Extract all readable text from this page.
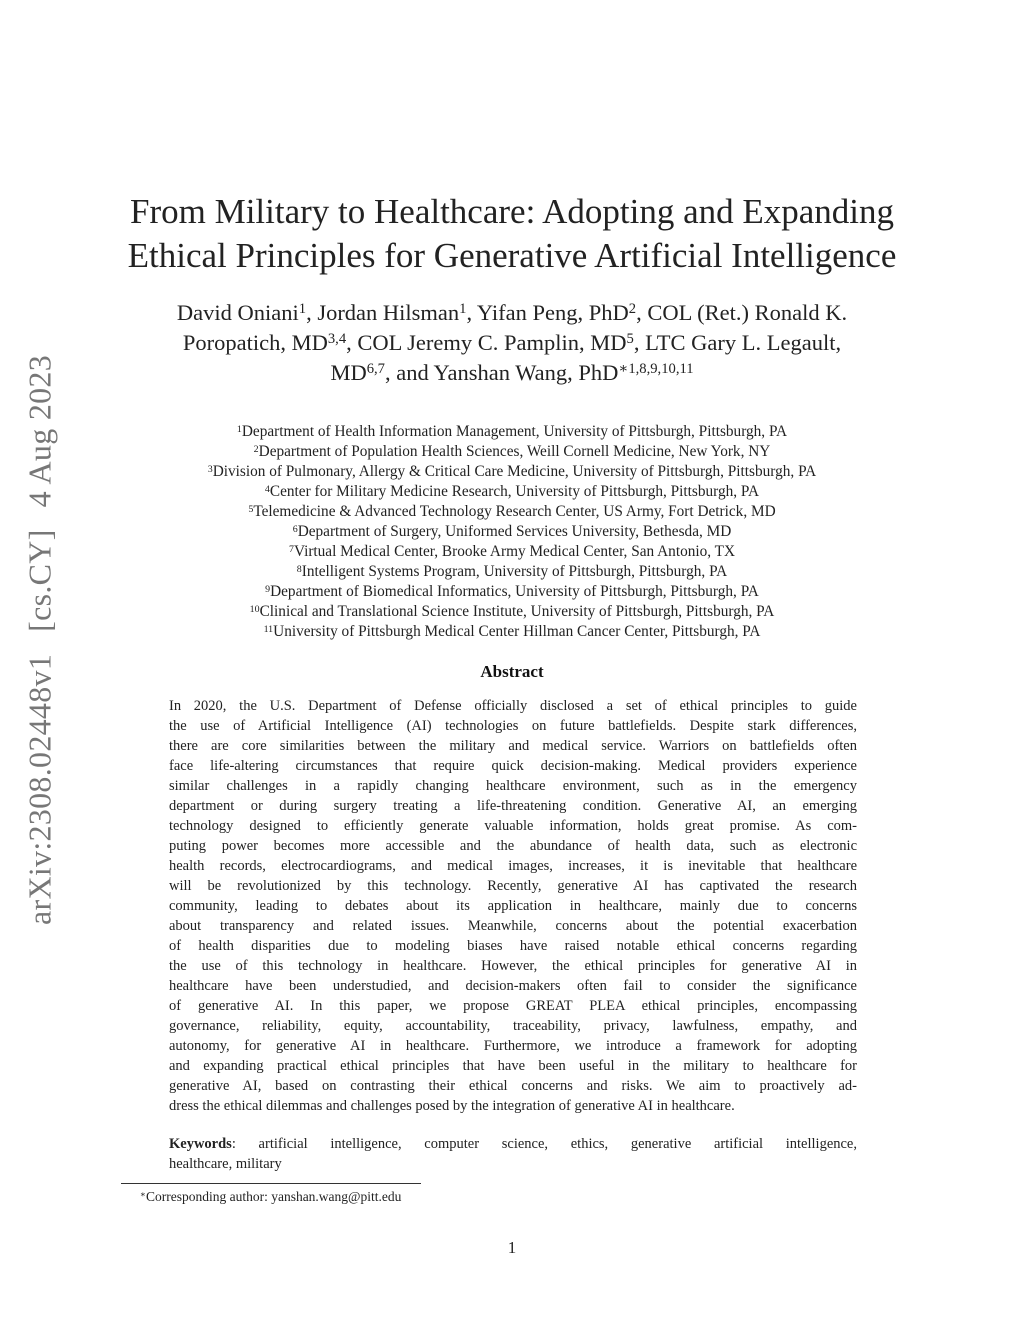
arXiv:2308.02448v1[cs.CY]4 Aug 2023
From Military to Healthcare: Adopting and Expanding
Ethical Principles for Generative Artificial Intelligence
David Oniani$^1$, Jordan Hilsman$^1$, Yifan Peng, PhD$^2$, COL (Ret.) Ronald K.
Poropatich, MD$^{3,4}$, COL Jeremy C. Pamplin, $MD^5$, LTC Gary L. Legault,
MD$^{6,7}$, and Yanshan Wang, PhD$^{∗1,8,9,10,11}$
$^1$Department of Health Information Management, University of Pittsburgh, Pittsburgh, PA
$^2$Department of Population Health Sciences, Weill Cornell Medicine, New York, NY
$^3$Division of Pulmonary, Allergy & Critical Care Medicine, University of Pittsburgh, Pittsburgh, PA
$^4$Center for Military Medicine Research, University of Pittsburgh, Pittsburgh, PA
$^5$Telemedicine & Advanced Technology Research Center, US Army, Fort Detrick, MD
$^6$Department of Surgery, Uniformed Services University, Bethesda, MD
$^7$Virtual Medical Center, Brooke Army Medical Center, San Antonio, TX
$^8$Intelligent Systems Program, University of Pittsburgh, Pittsburgh, PA
$^9$Department of Biomedical Informatics, University of Pittsburgh, Pittsburgh, PA
$^{10}$Clinical and Translational Science Institute, University of Pittsburgh, Pittsburgh, PA
$^{11}$University of Pittsburgh Medical Center Hillman Cancer Center, Pittsburgh, PA
Abstract
In 2020, the U.S. Department of Defense officially disclosed a set of ethical principles to guide
the use of Artificial Intelligence (AI) technologies on future battlefields. Despite stark differences,
there are core similarities between the military and medical service. Warriors on battlefields often
face life-altering circumstances that require quick decision-making. Medical providers experience
similar challenges in a rapidly changing healthcare environment, such as in the emergency
department or during surgery treating a life-threatening condition. Generative AI, an emerging
technology designed to efficiently generate valuable information, holds great promise. As com-
puting power becomes more accessible and the abundance of health data, such as electronic
health records, electrocardiograms, and medical images, increases, it is inevitable that healthcare
will be revolutionized by this technology. Recently, generative AI has captivated the research
community, leading to debates about its application in healthcare, mainly due to concerns
about transparency and related issues. Meanwhile, concerns about the potential exacerbation
of health disparities due to modeling biases have raised notable ethical concerns regarding
the use of this technology in healthcare. However, the ethical principles for generative AI in
healthcare have been understudied, and decision-makers often fail to consider the significance
of generative AI. In this paper, we propose GREAT PLEA ethical principles, encompassing
governance, reliability, equity, accountability, traceability, privacy, lawfulness, empathy, and
autonomy, for generative AI in healthcare. Furthermore, we introduce a framework for adopting
and expanding practical ethical principles that have been useful in the military to healthcare for
generative AI, based on contrasting their ethical concerns and risks. We aim to proactively ad-
dress the ethical dilemmas and challenges posed by the integration of generative AI in healthcare.
Keywords: artificial intelligence, computer science, ethics, generative artificial intelligence,
healthcare, military
∗Corresponding author: yanshan.wang@pitt.edu
1
